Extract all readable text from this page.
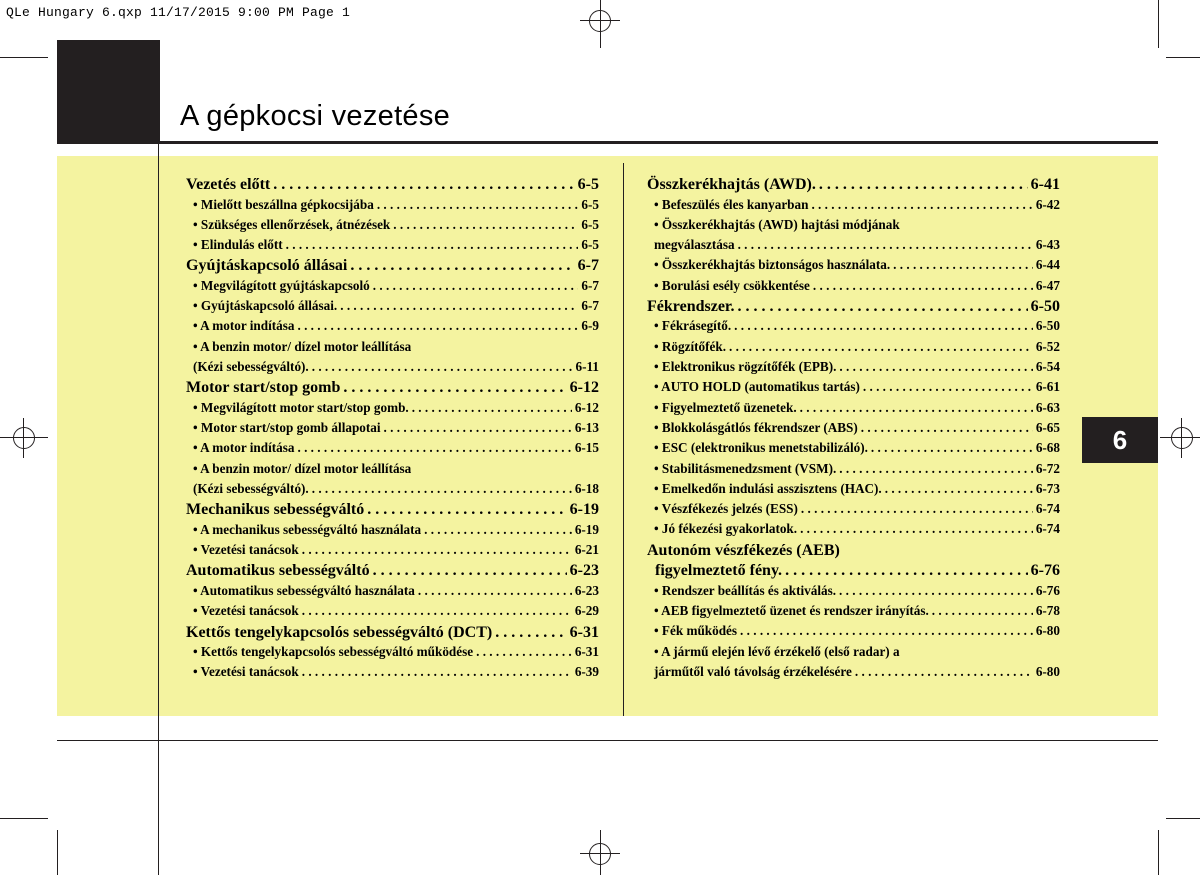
QLe Hungary 6.qxp 11/17/2015 9:00 PM Page 1
A gépkocsi vezetése
6
Vezetés előtt . . .	6-5
• Mielőtt beszállna gépkocsijába . . .	6-5
• Szükséges ellenőrzések, átnézések . . .	6-5
• Elindulás előtt . . .	6-5
Gyújtáskapcsoló állásai . . .	6-7
• Megvilágított gyújtáskapcsoló . . .	6-7
• Gyújtáskapcsoló állásai. . . .	6-7
• A motor indítása . . .	6-9
• A benzin motor/ dízel motor leállítása
(Kézi sebességváltó). . . .	6-11
Motor start/stop gomb . . .	6-12
• Megvilágított motor start/stop gomb. . . .	6-12
• Motor start/stop gomb állapotai . . .	6-13
• A motor indítása . . .	6-15
• A benzin motor/ dízel motor leállítása
(Kézi sebességváltó). . . .	6-18
Mechanikus sebességváltó . . .	6-19
• A mechanikus sebességváltó használata . . .	6-19
• Vezetési tanácsok . . .	6-21
Automatikus sebességváltó . . .	6-23
• Automatikus sebességváltó használata . . .	6-23
• Vezetési tanácsok . . .	6-29
Kettős tengelykapcsolós sebességváltó (DCT) . . .	6-31
• Kettős tengelykapcsolós sebességváltó működése . . .	6-31
• Vezetési tanácsok . . .	6-39
Összkerékhajtás (AWD). . . .	6-41
• Befeszülés éles kanyarban . . .	6-42
• Összkerékhajtás (AWD) hajtási módjának
megválasztása . . .	6-43
• Összkerékhajtás biztonságos használata. . . .	6-44
• Borulási esély csökkentése . . .	6-47
Fékrendszer. . . .	6-50
• Fékrásegítő. . . .	6-50
• Rögzítőfék. . . .	6-52
• Elektronikus rögzítőfék (EPB). . . .	6-54
• AUTO HOLD (automatikus tartás) . . .	6-61
• Figyelmeztető üzenetek. . . .	6-63
• Blokkolásgátlós fékrendszer (ABS) . . .	6-65
• ESC (elektronikus menetstabilizáló). . . .	6-68
• Stabilitásmenedzsment (VSM). . . .	6-72
• Emelkedőn indulási asszisztens (HAC). . . .	6-73
• Vészfékezés jelzés (ESS) . . .	6-74
• Jó fékezési gyakorlatok. . . .	6-74
Autonóm vészfékezés (AEB)
figyelmeztető fény. . . .	6-76
• Rendszer beállítás és aktiválás. . . .	6-76
• AEB figyelmeztető üzenet és rendszer irányítás. . . .	6-78
• Fék működés . . .	6-80
• A jármű elején lévő érzékelő (első radar) a
járműtől való távolság érzékelésére . . .	6-80
